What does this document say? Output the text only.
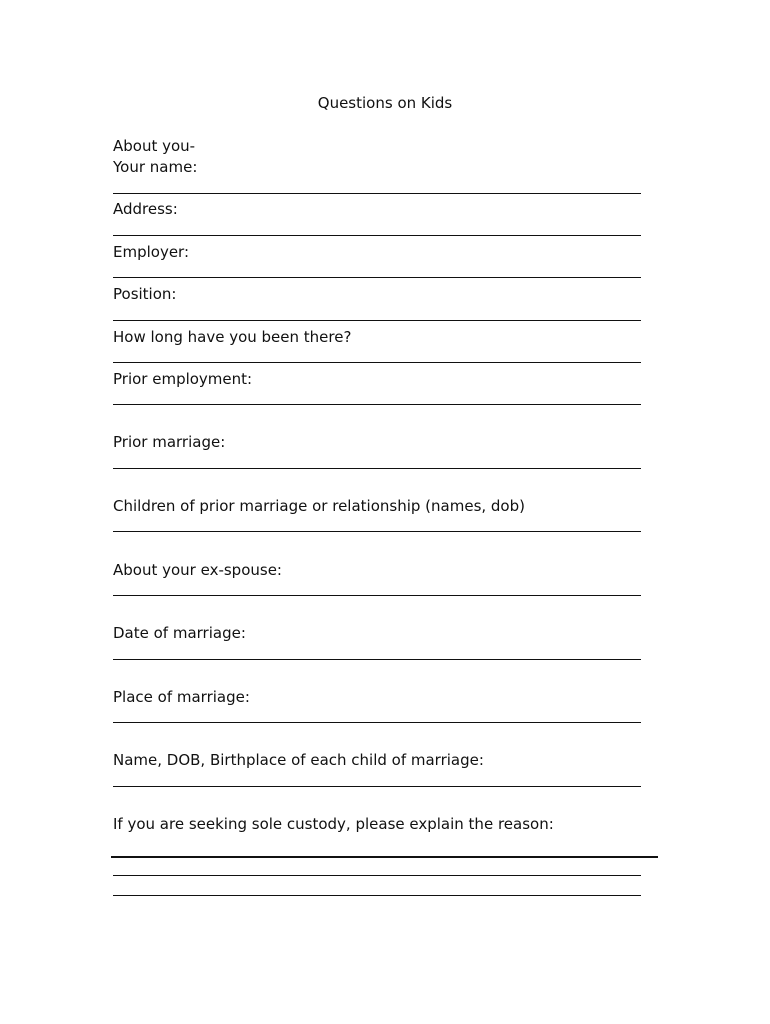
Questions on Kids
About you-
Your name:
Address:
Employer:
Position:
How long have you been there?
Prior employment:
Prior marriage:
Children of prior marriage or relationship (names, dob)
About your ex-spouse:
Date of marriage:
Place of marriage:
Name, DOB, Birthplace of each child of marriage:
If you are seeking sole custody, please explain the reason:
